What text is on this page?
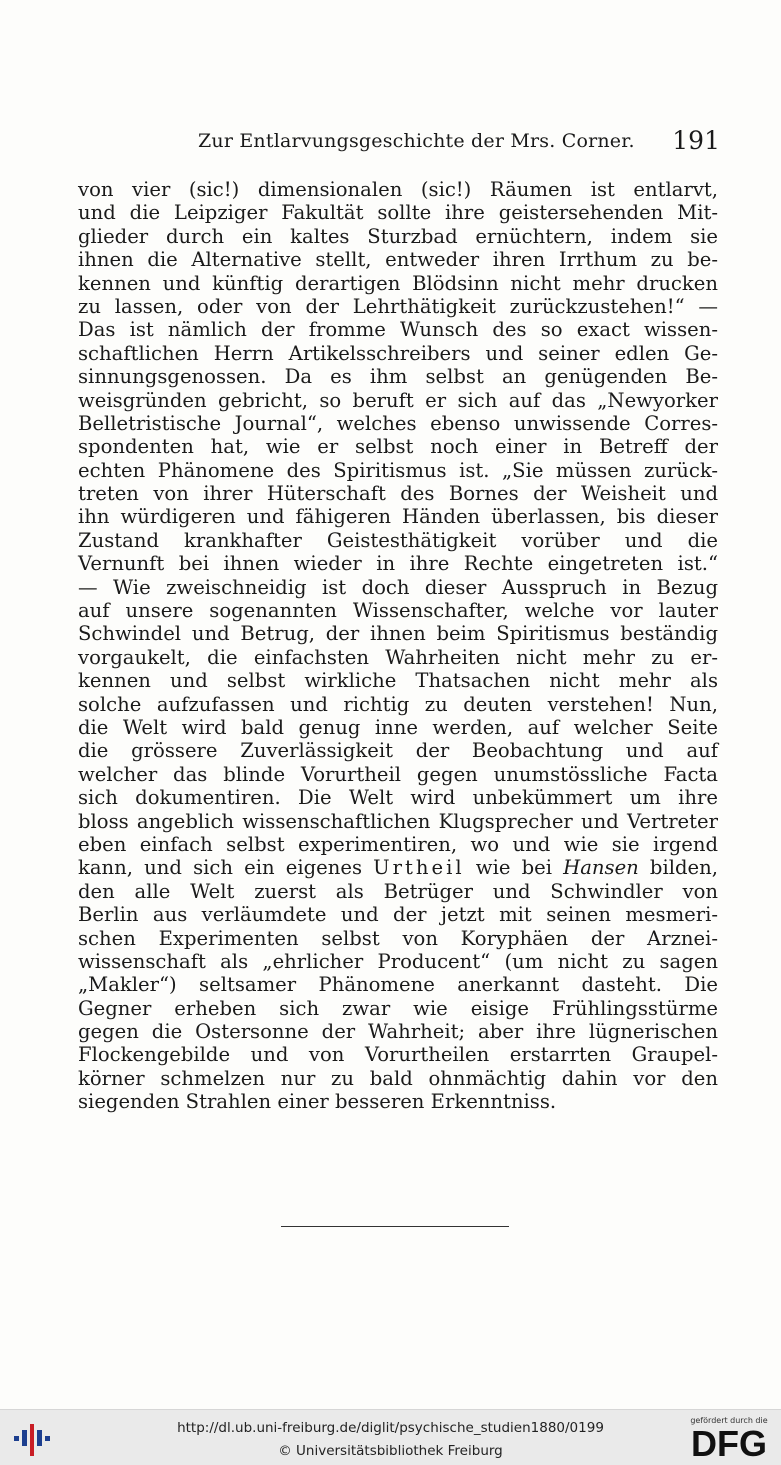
Zur Entlarvungsgeschichte der Mrs. Corner. 191
von vier (sic!) dimensionalen (sic!) Räumen ist entlarvt,
und die Leipziger Fakultät sollte ihre geistersehenden Mit-
glieder durch ein kaltes Sturzbad ernüchtern, indem sie
ihnen die Alternative stellt, entweder ihren Irrthum zu be-
kennen und künftig derartigen Blödsinn nicht mehr drucken
zu lassen, oder von der Lehrthätigkeit zurückzustehen!“ —
Das ist nämlich der fromme Wunsch des so exact wissen-
schaftlichen Herrn Artikelsschreibers und seiner edlen Ge-
sinnungsgenossen. Da es ihm selbst an genügenden Be-
weisgründen gebricht, so beruft er sich auf das „Newyorker
Belletristische Journal“, welches ebenso unwissende Corres-
spondenten hat, wie er selbst noch einer in Betreff der
echten Phänomene des Spiritismus ist. „Sie müssen zurück-
treten von ihrer Hüterschaft des Bornes der Weisheit und
ihn würdigeren und fähigeren Händen überlassen, bis dieser
Zustand krankhafter Geistesthätigkeit vorüber und die
Vernunft bei ihnen wieder in ihre Rechte eingetreten ist.“
— Wie zweischneidig ist doch dieser Ausspruch in Bezug
auf unsere sogenannten Wissenschafter, welche vor lauter
Schwindel und Betrug, der ihnen beim Spiritismus beständig
vorgaukelt, die einfachsten Wahrheiten nicht mehr zu er-
kennen und selbst wirkliche Thatsachen nicht mehr als
solche aufzufassen und richtig zu deuten verstehen! Nun,
die Welt wird bald genug inne werden, auf welcher Seite
die grössere Zuverlässigkeit der Beobachtung und auf
welcher das blinde Vorurtheil gegen unumstössliche Facta
sich dokumentiren. Die Welt wird unbekümmert um ihre
bloss angeblich wissenschaftlichen Klugsprecher und Vertreter
eben einfach selbst experimentiren, wo und wie sie irgend
kann, und sich ein eigenes Urtheil wie bei Hansen bilden,
den alle Welt zuerst als Betrüger und Schwindler von
Berlin aus verläumdete und der jetzt mit seinen mesmeri-
schen Experimenten selbst von Koryphäen der Arznei-
wissenschaft als „ehrlicher Producent“ (um nicht zu sagen
„Makler“) seltsamer Phänomene anerkannt dasteht. Die
Gegner erheben sich zwar wie eisige Frühlingsstürme
gegen die Ostersonne der Wahrheit; aber ihre lügnerischen
Flockengebilde und von Vorurtheilen erstarrten Graupel-
körner schmelzen nur zu bald ohnmächtig dahin vor den
siegenden Strahlen einer besseren Erkenntniss.
http://dl.ub.uni-freiburg.de/diglit/psychische_studien1880/0199
© Universitätsbibliothek Freiburg
gefördert durch die
DFG
